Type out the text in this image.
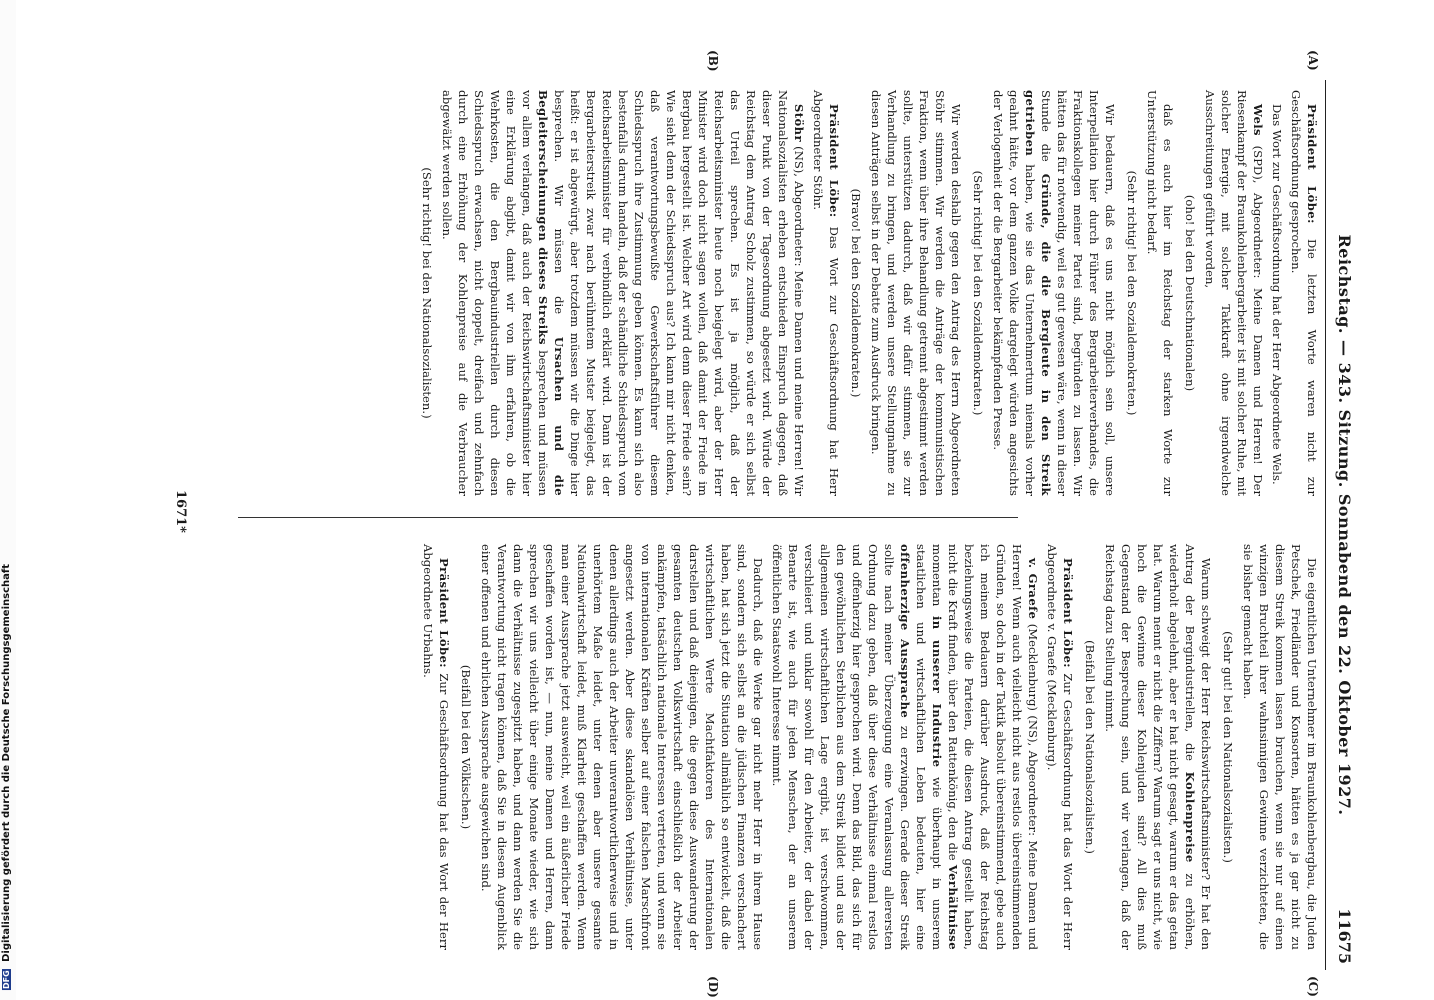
DFG Digitalisierung gefördert durch die Deutsche Forschungsgemeinschaft	Reichstag. — 343. Sitzung. Sonnabend den 22. Oktober 1927.
11675
(A)
(B)
(C)
(D)

Präsident Löbe: Die letzten Worte waren nicht zur Geschäftsordnung gesprochen.

Das Wort zur Geschäftsordnung hat der Herr Abgeordnete Wels.

Wels (SPD), Abgeordneter: Meine Damen und Herren! Der Riesenkampf der Braunkohlenbergarbeiter ist mit solcher Ruhe, mit solcher Energie, mit solcher Taktkraft ohne irgendwelche Ausschreitungen geführt worden,

(oho! bei den Deutschnationalen)

daß es auch hier im Reichstag der starken Worte zur Unterstützung nicht bedarf.

(Sehr richtig! bei den Sozialdemokraten.)

Wir bedauern, daß es uns nicht möglich sein soll, unsere Interpellation hier durch Führer des Bergarbeiterverbandes, die Fraktionskollegen meiner Partei sind, begründen zu lassen. Wir hätten das für notwendig, weil es gut gewesen wäre, wenn in dieser Stunde die Gründe, die die Bergleute in den Streik getrieben haben, wie sie das Unternehmertum niemals vorher geahnt hätte, vor dem ganzen Volke dargelegt würden angesichts der Verlogenheit der die Bergarbeiter bekämpfenden Presse.

(Sehr richtig! bei den Sozialdemokraten.)

Wir werden deshalb gegen den Antrag des Herrn Abgeordneten Stöhr stimmen. Wir werden die Anträge der kommunistischen Fraktion, wenn über ihre Behandlung getrennt abgestimmt werden sollte, unterstützen dadurch, daß wir dafür stimmen, sie zur Verhandlung zu bringen, und werden unsere Stellungnahme zu diesen Anträgen selbst in der Debatte zum Ausdruck bringen.

(Bravo! bei den Sozialdemokraten.)

Präsident Löbe: Das Wort zur Geschäftsordnung hat Herr Abgeordneter Stöhr.

Stöhr (NS), Abgeordneter: Meine Damen und meine Herren! Wir Nationalsozialisten erheben entschieden Einspruch dagegen, daß dieser Punkt von der Tagesordnung abgesetzt wird. Würde der Reichstag dem Antrag Scholz zustimmen, so würde er sich selbst das Urteil sprechen. Es ist ja möglich, daß der Reichsarbeitsminister heute noch beigelegt wird, aber der Herr Minister wird doch nicht sagen wollen, daß damit der Friede im Bergbau hergestellt ist. Welcher Art wird denn dieser Friede sein? Wie sieht denn der Schiedsspruch aus? Ich kann mir nicht denken, daß verantwortungsbewußte Gewerkschaftsführer diesem Schiedsspruch ihre Zustimmung geben können. Es kann sich also bestenfalls darum handeln, daß der schändliche Schiedsspruch vom Reichsarbeitsminister für verbindlich erklärt wird. Dann ist der Bergarbeiterstreik zwar nach berühmtem Muster beigelegt, das heißt: er ist abgewürgt, aber trotzdem müssen wir die Dinge hier besprechen. Wir müssen die Ursachen und die Begleiterscheinungen dieses Streiks besprechen und müssen vor allem verlangen, daß auch der Reichswirtschaftsminister hier eine Erklärung abgibt, damit wir von ihm erfahren, ob die Wehrkosten, die den Bergbauindustriellen durch diesen Schiedsspruch erwachsen, nicht doppelt, dreifach und zehnfach durch eine Erhöhung der Kohlenpreise auf die Verbraucher abgewälzt werden sollen.

(Sehr richtig! bei den Nationalsozialisten.)

Die eigentlichen Unternehmer im Braunkohlenbergbau, die Juden Petschek, Friedländer und Konsorten, hätten es ja gar nicht zu diesem Streik kommen lassen brauchen, wenn sie nur auf einen winzigen Bruchteil ihrer wahnsinnigen Gewinne verzichteten, die sie bisher gemacht haben.

(Sehr gut! bei den Nationalsozialisten.)

Warum schweigt der Herr Reichswirtschaftsminister? Er hat den Antrag der Bergindustriellen, die Kohlenpreise zu erhöhen, wiederholt abgelehnt, aber er hat nicht gesagt, warum er das getan hat. Warum nennt er nicht die Ziffern? Warum sagt er uns nicht, wie hoch die Gewinne dieser Kohlenjuden sind? All dies muß Gegenstand der Besprechung sein, und wir verlangen, daß der Reichstag dazu Stellung nimmt.

(Beifall bei den Nationalsozialisten.)

Präsident Löbe: Zur Geschäftsordnung hat das Wort der Herr Abgeordnete v. Graefe (Mecklenburg).

v. Graefe (Mecklenburg) (NS), Abgeordneter: Meine Damen und Herren! Wenn auch vielleicht nicht aus restlos übereinstimmenden Gründen, so doch in der Taktik absolut übereinstimmend, gebe auch ich meinem Bedauern darüber Ausdruck, daß der Reichstag beziehungsweise die Parteien, die diesen Antrag gestellt haben, nicht die Kraft finden, über den Rattenkönig, den die Verhältnisse momentan in unserer Industrie wie überhaupt in unserem staatlichen und wirtschaftlichen Leben bedeuten, hier eine offenherzige Aussprache zu erzwingen. Gerade dieser Streik sollte nach meiner Überzeugung eine Veranlassung allerersten Ordnung dazu geben, daß über diese Verhältnisse einmal restlos und offenherzig hier gesprochen wird. Denn das Bild, das sich für den gewöhnlichen Sterblichen aus dem Streik bildet und aus der allgemeinen wirtschaftlichen Lage ergibt, ist verschwommen, verschleiert und unklar sowohl für den Arbeiter, der dabei der Benarte ist, wie auch für jeden Menschen, der an unserem öffentlichen Staatswohl Interesse nimmt.

Dadurch, daß die Werke gar nicht mehr Herr in ihrem Hause sind, sondern sich selbst an die jüdischen Finanzen verschachert haben, hat sich jetzt die Situation allmählich so entwickelt, daß die wirtschaftlichen Werte Machtfaktoren des Internationalen darstellen und daß diejenigen, die gegen diese Auswanderung der gesamten deutschen Volkswirtschaft einschließlich der Arbeiter ankämpfen, tatsächlich nationale Interessen vertreten, und wenn sie von internationalen Kräften selber auf einer falschen Marschfront angesetzt werden. Aber diese skandalösen Verhältnisse, unter denen allerdings auch der Arbeiter unverantwortlicherweise und in unerhörtem Maße leidet, unter denen aber unsere gesamte Nationalwirtschaft leidet, muß Klarheit geschaffen werden. Wenn man einer Aussprache jetzt ausweicht, weil ein äußerlicher Friede geschaffen worden ist, — nun, meine Damen und Herren, dann sprechen wir uns vielleicht über einige Monate wieder, wie sich dann die Verhältnisse zugespitzt haben, und dann werden Sie die Verantwortung nicht tragen können, daß Sie in diesem Augenblick einer offenen und ehrlichen Aussprache ausgewichen sind.

(Beifall bei den Völkischen.)

Präsident Löbe: Zur Geschäftsordnung hat das Wort der Herr Abgeordnete Urbahns.

1671*
